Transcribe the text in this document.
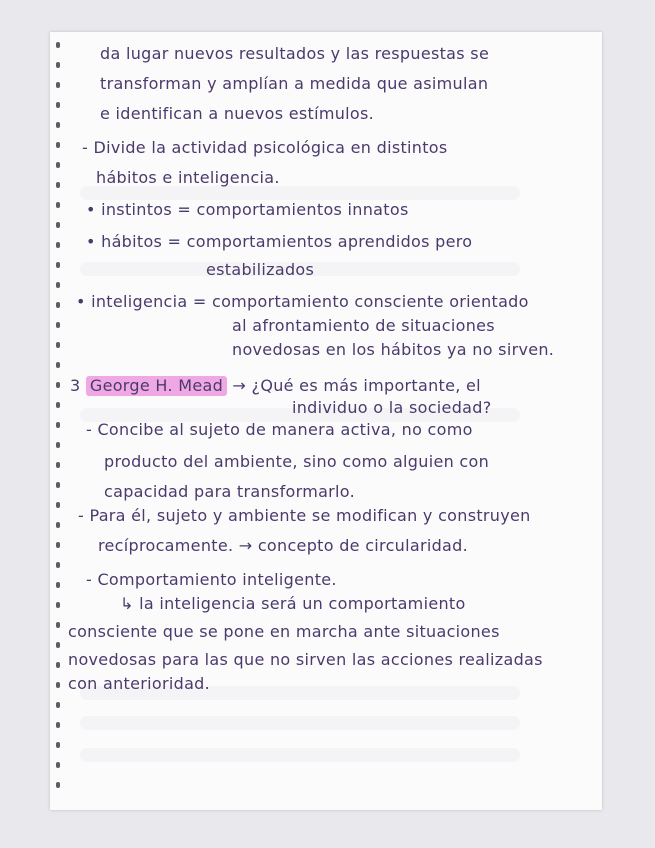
da lugar nuevos resultados y las respuestas se
transforman y amplían a medida que asimulan
e identifican a nuevos estímulos.
- Divide la actividad psicológica en distintos
hábitos e inteligencia.
• instintos = comportamientos innatos
• hábitos = comportamientos aprendidos pero
estabilizados
• inteligencia = comportamiento consciente orientado
al afrontamiento de situaciones
novedosas en los hábitos ya no sirven.
3 George H. Mead → ¿Qué es más importante, el
individuo o la sociedad?
- Concibe al sujeto de manera activa, no como
producto del ambiente, sino como alguien con
capacidad para transformarlo.
- Para él, sujeto y ambiente se modifican y construyen
recíprocamente. → concepto de circularidad.
- Comportamiento inteligente.
↳ la inteligencia será un comportamiento
consciente que se pone en marcha ante situaciones
novedosas para las que no sirven las acciones realizadas
con anterioridad.
